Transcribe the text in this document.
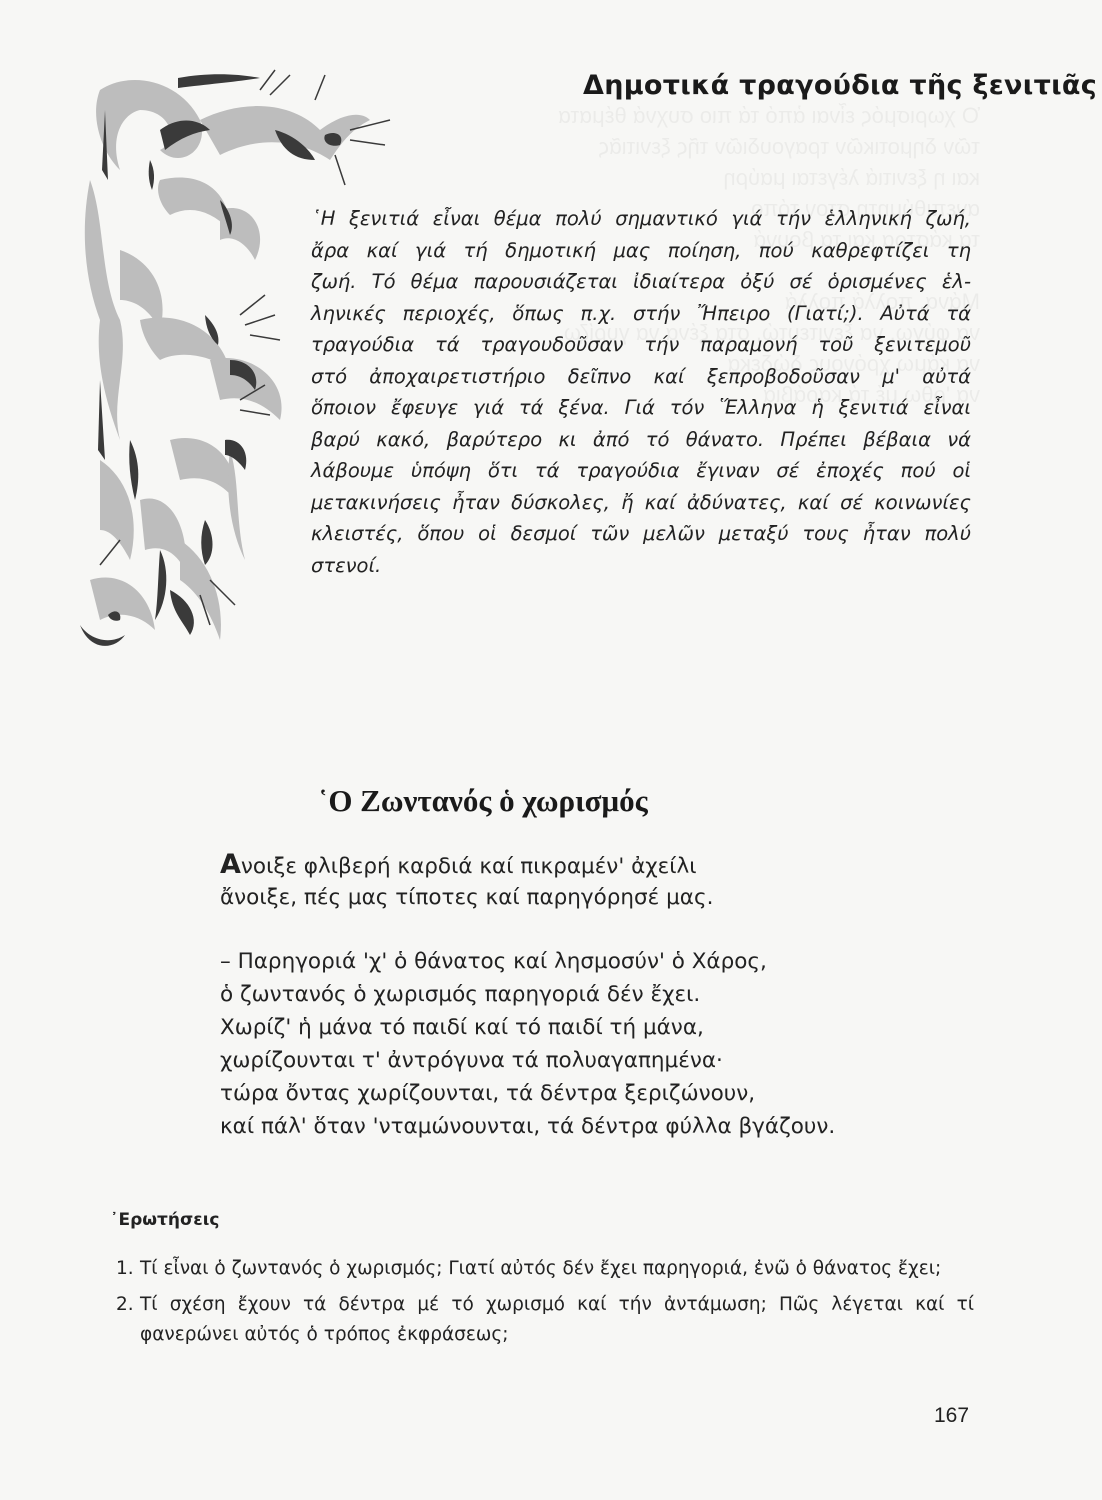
Δημοτικά τραγούδια τῆς ξενιτιᾶς
῾Η ξενιτιά εἶναι θέμα πολύ σημαντικό γιά τήν ἑλληνική ζωή,
ἄρα καί γιά τή δημοτική μας ποίηση, πού καθρεφτίζει τη
ζωή. Τό θέμα παρουσιάζεται ἰδιαίτερα ὀξύ σέ ὁρισμένες ἑλ-
ληνικές περιοχές, ὅπως π.χ. στήν Ἤπειρο (Γιατί;). Αὐτά τά
τραγούδια τά τραγουδοῦσαν τήν παραμονή τοῦ ξενιτεμοῦ
στό ἀποχαιρετιστήριο δεῖπνο καί ξεπροβοδοῦσαν μ' αὐτά
ὅποιον ἔφευγε γιά τά ξένα. Γιά τόν Ἕλληνα ἡ ξενιτιά εἶναι
βαρύ κακό, βαρύτερο κι ἀπό τό θάνατο. Πρέπει βέβαια νά
λάβουμε ὑπόψη ὅτι τά τραγούδια ἔγιναν σέ ἐποχές πού οἱ
μετακινήσεις ἦταν δύσκολες, ἤ καί ἀδύνατες, καί σέ κοινωνίες
κλειστές, ὅπου οἱ δεσμοί τῶν μελῶν μεταξύ τους ἦταν πολύ
στενοί.
῾Ο Ζωντανός ὁ χωρισμός
Ανοιξε φλιβερή καρδιά καί πικραμέν' ἀχείλι
ἄνοιξε, πές μας τίποτες καί παρηγόρησέ μας.
– Παρηγοριά 'χ' ὁ θάνατος καί λησμοσύν' ὁ Χάρος,
ὁ ζωντανός ὁ χωρισμός παρηγοριά δέν ἔχει.
Χωρίζ' ἡ μάνα τό παιδί καί τό παιδί τή μάνα,
χωρίζουνται τ' ἀντρόγυνα τά πολυαγαπημένα·
τώρα ὄντας χωρίζουνται, τά δέντρα ξεριζώνουν,
καί πάλ' ὅταν 'νταμώνουνται, τά δέντρα φύλλα βγάζουν.
᾿Ερωτήσεις
1. Τί εἶναι ὁ ζωντανός ὁ χωρισμός; Γιατί αὐτός δέν ἔχει παρηγοριά, ἐνῶ ὁ θάνατος ἔχει;
2. Τί σχέση ἔχουν τά δέντρα μέ τό χωρισμό καί τήν ἀντάμωση; Πῶς λέγεται καί τί φανερώνει αὐτός ὁ τρόπος ἐκφράσεως;
167
